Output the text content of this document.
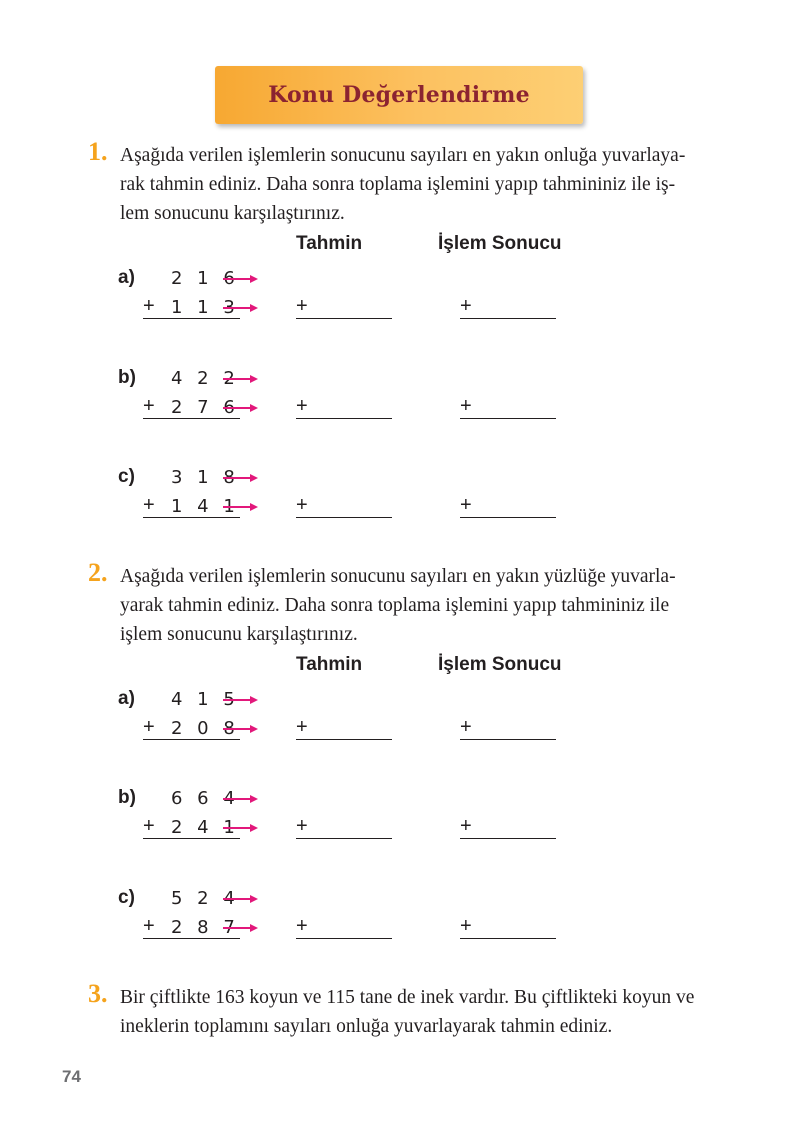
Konu Değerlendirme
1. Aşağıda verilen işlemlerin sonucunu sayıları en yakın onluğa yuvarlaya-
rak tahmin ediniz. Daha sonra toplama işlemini yapıp tahmininiz ile iş-
lem sonucunu karşılaştırınız.
Tahmin	İşlem Sonucu
a) 2 1 6
+ 1 1 3	+	+
b) 4 2 2
+ 2 7 6	+	+
c) 3 1 8
+ 1 4 1	+	+
2. Aşağıda verilen işlemlerin sonucunu sayıları en yakın yüzlüğe yuvarla-
yarak tahmin ediniz. Daha sonra toplama işlemini yapıp tahmininiz ile
işlem sonucunu karşılaştırınız.
Tahmin	İşlem Sonucu
a) 4 1 5
+ 2 0 8	+	+
b) 6 6 4
+ 2 4 1	+	+
c) 5 2 4
+ 2 8 7	+	+
3. Bir çiftlikte 163 koyun ve 115 tane de inek vardır. Bu çiftlikteki koyun ve
ineklerin toplamını sayıları onluğa yuvarlayarak tahmin ediniz.
74
